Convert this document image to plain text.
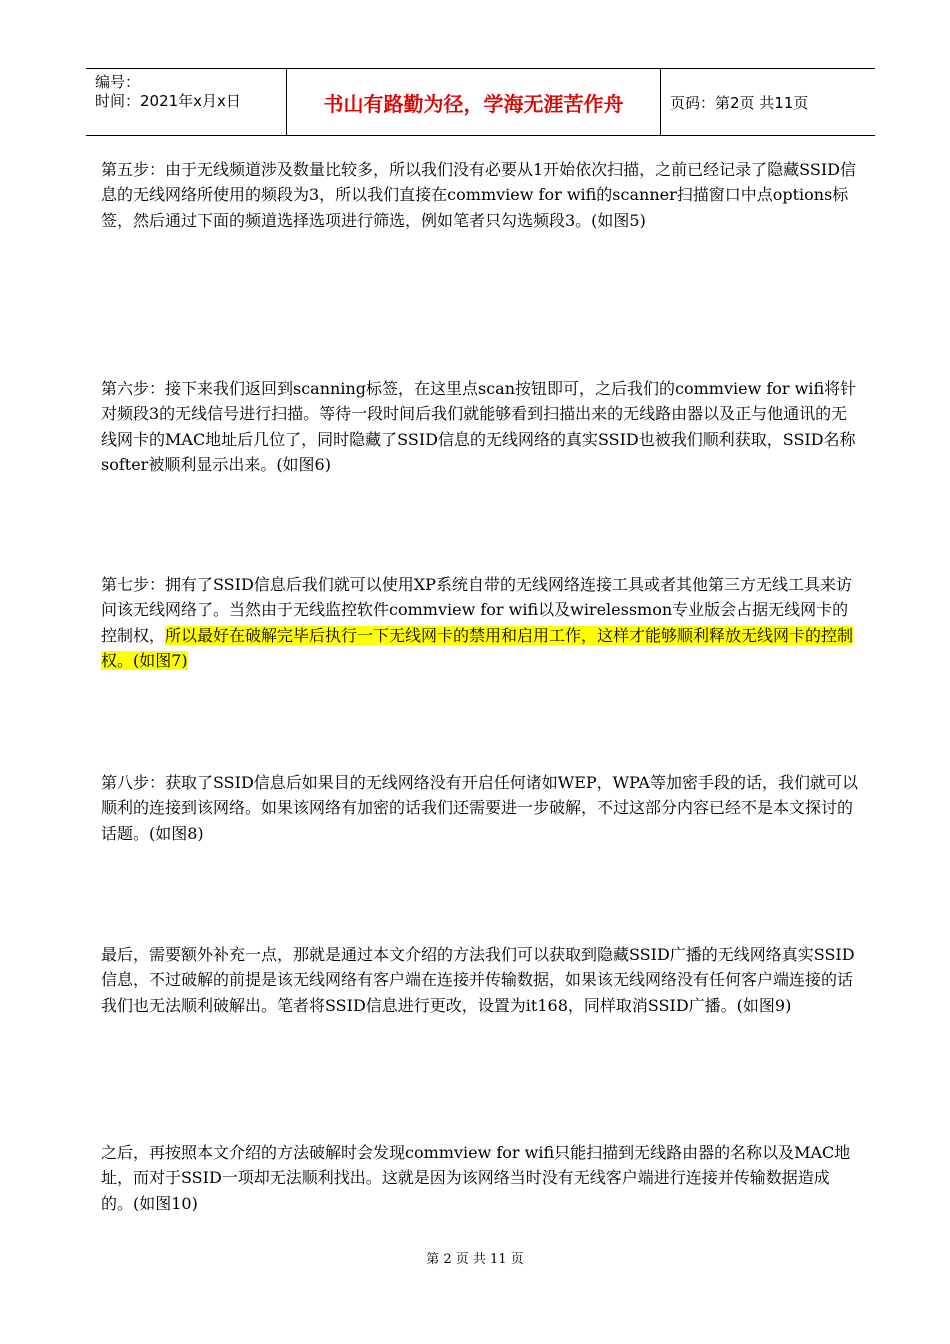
编号：
时间：2021年x月x日	书山有路勤为径，学海无涯苦作舟	页码：第2页 共11页

第五步：由于无线频道涉及数量比较多，所以我们没有必要从1开始依次扫描，之前已经记录了隐藏SSID信息的无线网络所使用的频段为3，所以我们直接在commview for wifi的scanner扫描窗口中点options标签，然后通过下面的频道选择选项进行筛选，例如笔者只勾选频段3。(如图5)

第六步：接下来我们返回到scanning标签，在这里点scan按钮即可，之后我们的commview for wifi将针对频段3的无线信号进行扫描。等待一段时间后我们就能够看到扫描出来的无线路由器以及正与他通讯的无线网卡的MAC地址后几位了，同时隐藏了SSID信息的无线网络的真实SSID也被我们顺利获取，SSID名称softer被顺利显示出来。(如图6)

第七步：拥有了SSID信息后我们就可以使用XP系统自带的无线网络连接工具或者其他第三方无线工具来访问该无线网络了。当然由于无线监控软件commview for wifi以及wirelessmon专业版会占据无线网卡的控制权，所以最好在破解完毕后执行一下无线网卡的禁用和启用工作，这样才能够顺利释放无线网卡的控制权。(如图7)

第八步：获取了SSID信息后如果目的无线网络没有开启任何诸如WEP，WPA等加密手段的话，我们就可以顺利的连接到该网络。如果该网络有加密的话我们还需要进一步破解，不过这部分内容已经不是本文探讨的话题。(如图8)

最后，需要额外补充一点，那就是通过本文介绍的方法我们可以获取到隐藏SSID广播的无线网络真实SSID信息，不过破解的前提是该无线网络有客户端在连接并传输数据，如果该无线网络没有任何客户端连接的话我们也无法顺利破解出。笔者将SSID信息进行更改，设置为it168，同样取消SSID广播。(如图9)

之后，再按照本文介绍的方法破解时会发现commview for wifi只能扫描到无线路由器的名称以及MAC地址，而对于SSID一项却无法顺利找出。这就是因为该网络当时没有无线客户端进行连接并传输数据造成的。(如图10)

第 2 页 共 11 页
